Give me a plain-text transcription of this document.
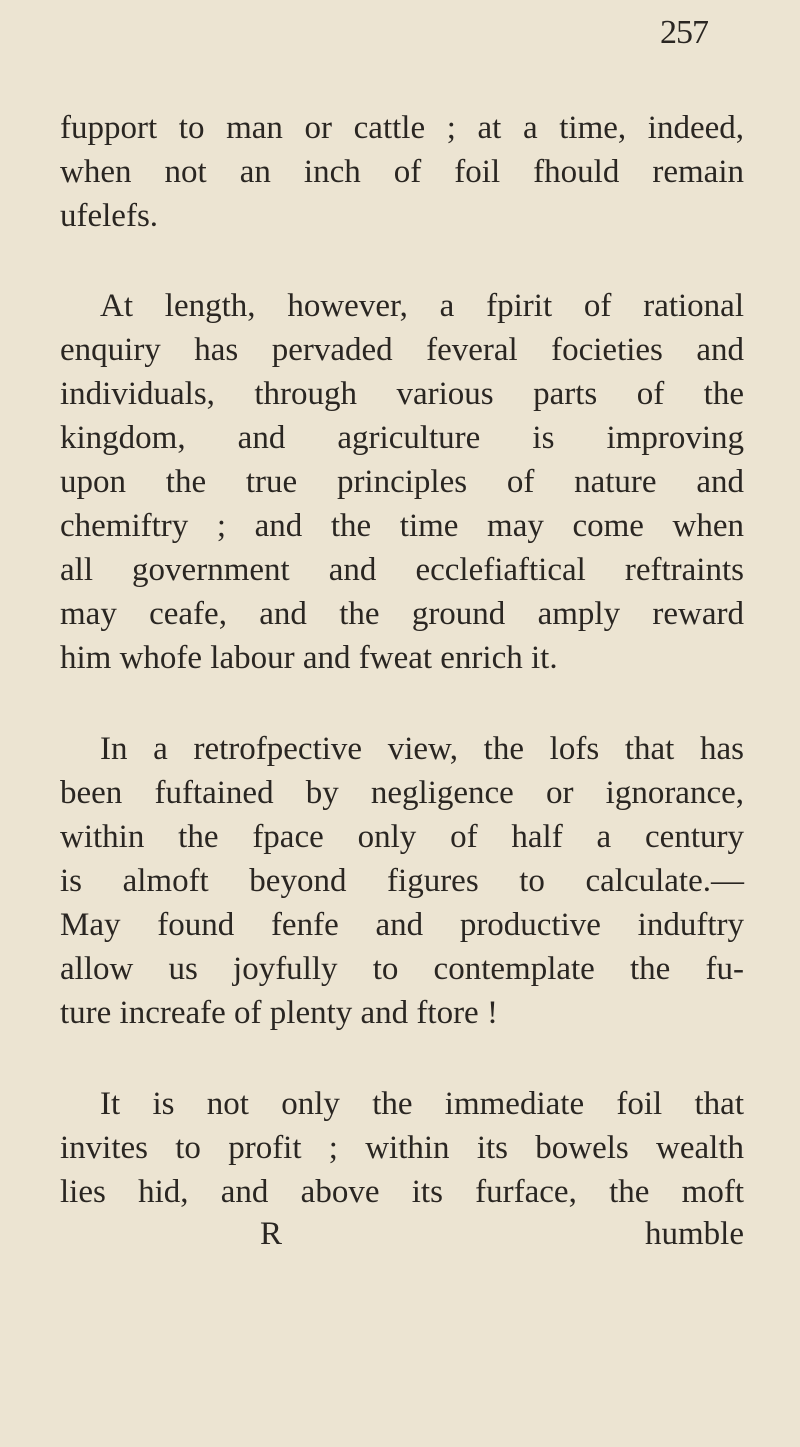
257
fupport to man or cattle ; at a time, indeed,
when not an inch of foil fhould remain
ufelefs.
At length, however, a fpirit of rational
enquiry has pervaded feveral focieties and
individuals, through various parts of the
kingdom, and agriculture is improving
upon the true principles of nature and
chemiftry ; and the time may come when
all government and ecclefiaftical reftraints
may ceafe, and the ground amply reward
him whofe labour and fweat enrich it.
In a retrofpective view, the lofs that has
been fuftained by negligence or ignorance,
within the fpace only of half a century
is almoft beyond figures to calculate.—
May found fenfe and productive induftry
allow us joyfully to contemplate the fu-
ture increafe of plenty and ftore !
It is not only the immediate foil that
invites to profit ; within its bowels wealth
lies hid, and above its furface, the moft
R	humble
